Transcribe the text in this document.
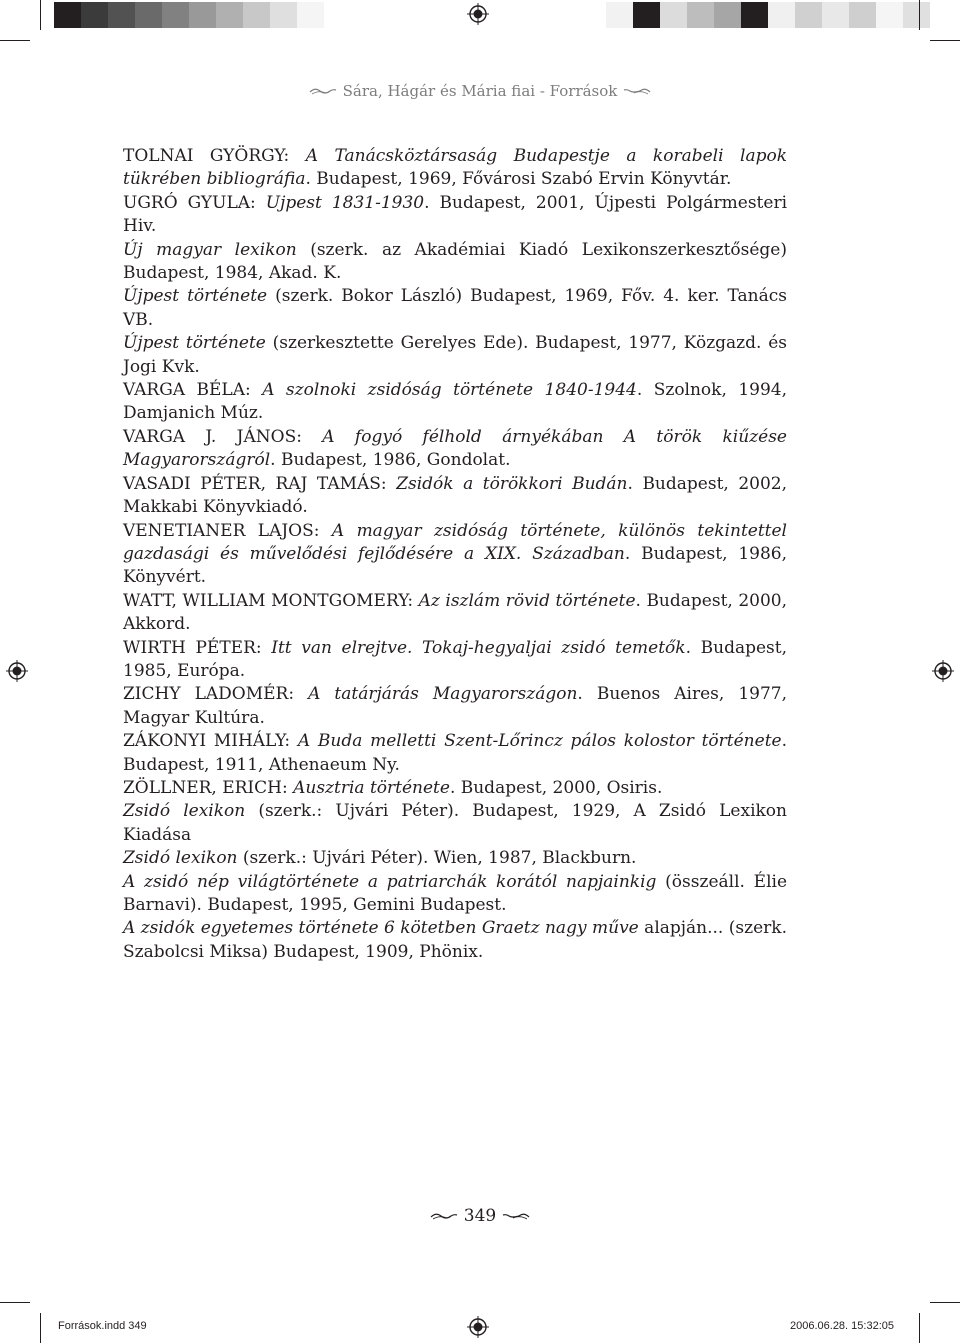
Sára, Hágár és Mária fiai - Források

TOLNAI GYÖRGY: A Tanácsköztársaság Budapestje a korabeli lapok tükrében bibliográfia. Budapest, 1969, Fővárosi Szabó Ervin Könyvtár.

UGRÓ GYULA: Ujpest 1831-1930. Budapest, 2001, Újpesti Polgármesteri Hiv.

Új magyar lexikon (szerk. az Akadémiai Kiadó Lexikonszerkesztősége) Budapest, 1984, Akad. K.

Újpest története (szerk. Bokor László) Budapest, 1969, Főv. 4. ker. Tanács VB.

Újpest története (szerkesztette Gerelyes Ede). Budapest, 1977, Közgazd. és Jogi Kvk.

VARGA BÉLA: A szolnoki zsidóság története 1840-1944. Szolnok, 1994, Damjanich Múz.

VARGA J. JÁNOS: A fogyó félhold árnyékában A török kiűzése Magyarországról. Budapest, 1986, Gondolat.

VASADI PÉTER, RAJ TAMÁS: Zsidók a törökkori Budán. Budapest, 2002, Makkabi Könyvkiadó.

VENETIANER LAJOS: A magyar zsidóság története, különös tekintettel gazdasági és művelődési fejlődésére a XIX. Században. Budapest, 1986, Könyvért.

WATT, WILLIAM MONTGOMERY: Az iszlám rövid története. Budapest, 2000, Akkord.

WIRTH PÉTER: Itt van elrejtve. Tokaj-hegyaljai zsidó temetők. Budapest, 1985, Európa.

ZICHY LADOMÉR: A tatárjárás Magyarországon. Buenos Aires, 1977, Magyar Kultúra.

ZÁKONYI MIHÁLY: A Buda melletti Szent-Lőrincz pálos kolostor története. Budapest, 1911, Athenaeum Ny.

ZÖLLNER, ERICH: Ausztria története. Budapest, 2000, Osiris.

Zsidó lexikon (szerk.: Ujvári Péter). Budapest, 1929, A Zsidó Lexikon Kiadása

Zsidó lexikon (szerk.: Ujvári Péter). Wien, 1987, Blackburn.

A zsidó nép világtörténete a patriarchák korától napjainkig (összeáll. Élie Barnavi). Budapest, 1995, Gemini Budapest.

A zsidók egyetemes története 6 kötetben Graetz nagy műve alapján... (szerk. Szabolcsi Miksa) Budapest, 1909, Phönix.

349
Források.indd 349	2006.06.28. 15:32:05
